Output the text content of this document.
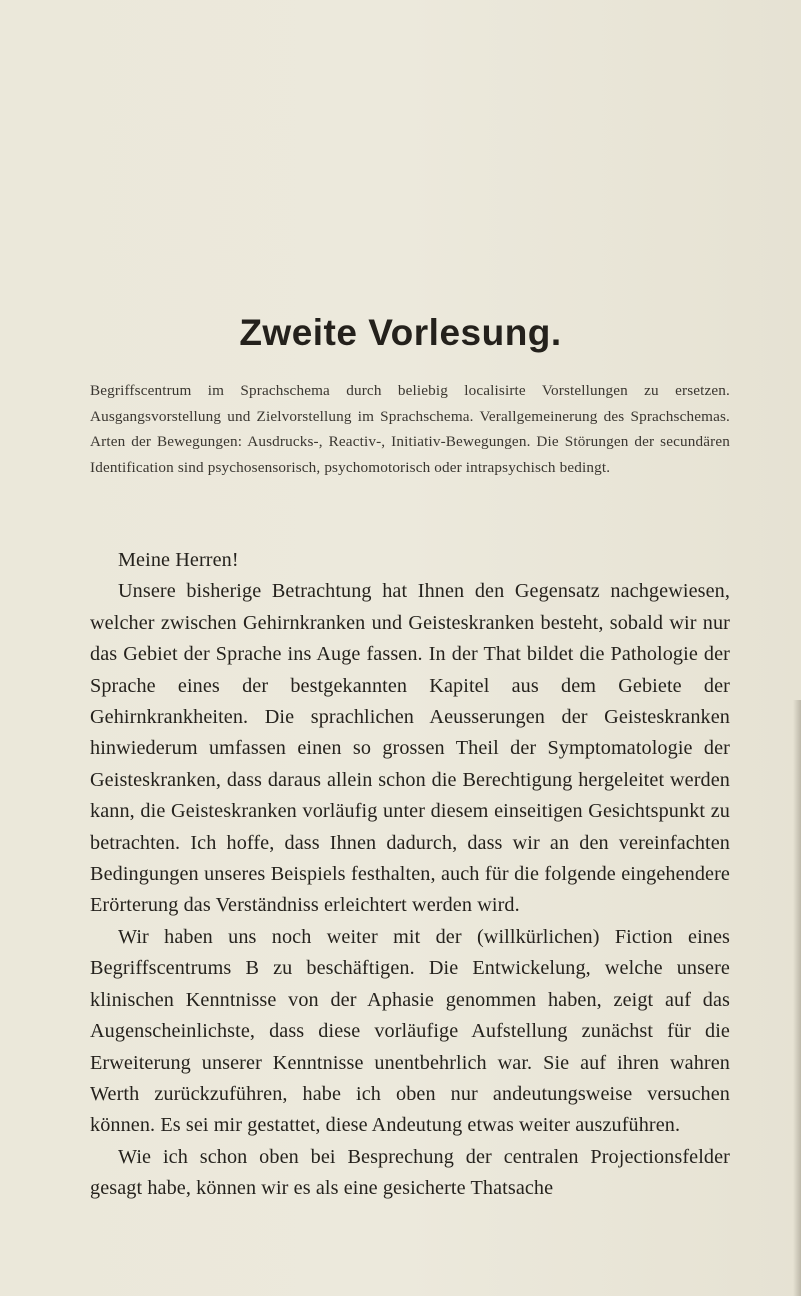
Zweite Vorlesung.

Begriffscentrum im Sprachschema durch beliebig localisirte Vorstellungen zu ersetzen. Ausgangsvorstellung und Zielvorstellung im Sprachschema. Verallgemeinerung des Sprachschemas. Arten der Bewegungen: Ausdrucks-, Reactiv-, Initiativ-Bewegungen. Die Störungen der secundären Identification sind psychosensorisch, psychomotorisch oder intrapsychisch bedingt.

Meine Herren!

Unsere bisherige Betrachtung hat Ihnen den Gegensatz nachgewiesen, welcher zwischen Gehirnkranken und Geisteskranken besteht, sobald wir nur das Gebiet der Sprache ins Auge fassen. In der That bildet die Pathologie der Sprache eines der bestgekannten Kapitel aus dem Gebiete der Gehirnkrankheiten. Die sprachlichen Aeusserungen der Geisteskranken hinwiederum umfassen einen so grossen Theil der Symptomatologie der Geisteskranken, dass daraus allein schon die Berechtigung hergeleitet werden kann, die Geisteskranken vorläufig unter diesem einseitigen Gesichtspunkt zu betrachten. Ich hoffe, dass Ihnen dadurch, dass wir an den vereinfachten Bedingungen unseres Beispiels festhalten, auch für die folgende eingehendere Erörterung das Verständniss erleichtert werden wird.

Wir haben uns noch weiter mit der (willkürlichen) Fiction eines Begriffscentrums B zu beschäftigen. Die Entwickelung, welche unsere klinischen Kenntnisse von der Aphasie genommen haben, zeigt auf das Augenscheinlichste, dass diese vorläufige Aufstellung zunächst für die Erweiterung unserer Kenntnisse unentbehrlich war. Sie auf ihren wahren Werth zurückzuführen, habe ich oben nur andeutungsweise versuchen können. Es sei mir gestattet, diese Andeutung etwas weiter auszuführen.

Wie ich schon oben bei Besprechung der centralen Projectionsfelder gesagt habe, können wir es als eine gesicherte Thatsache
